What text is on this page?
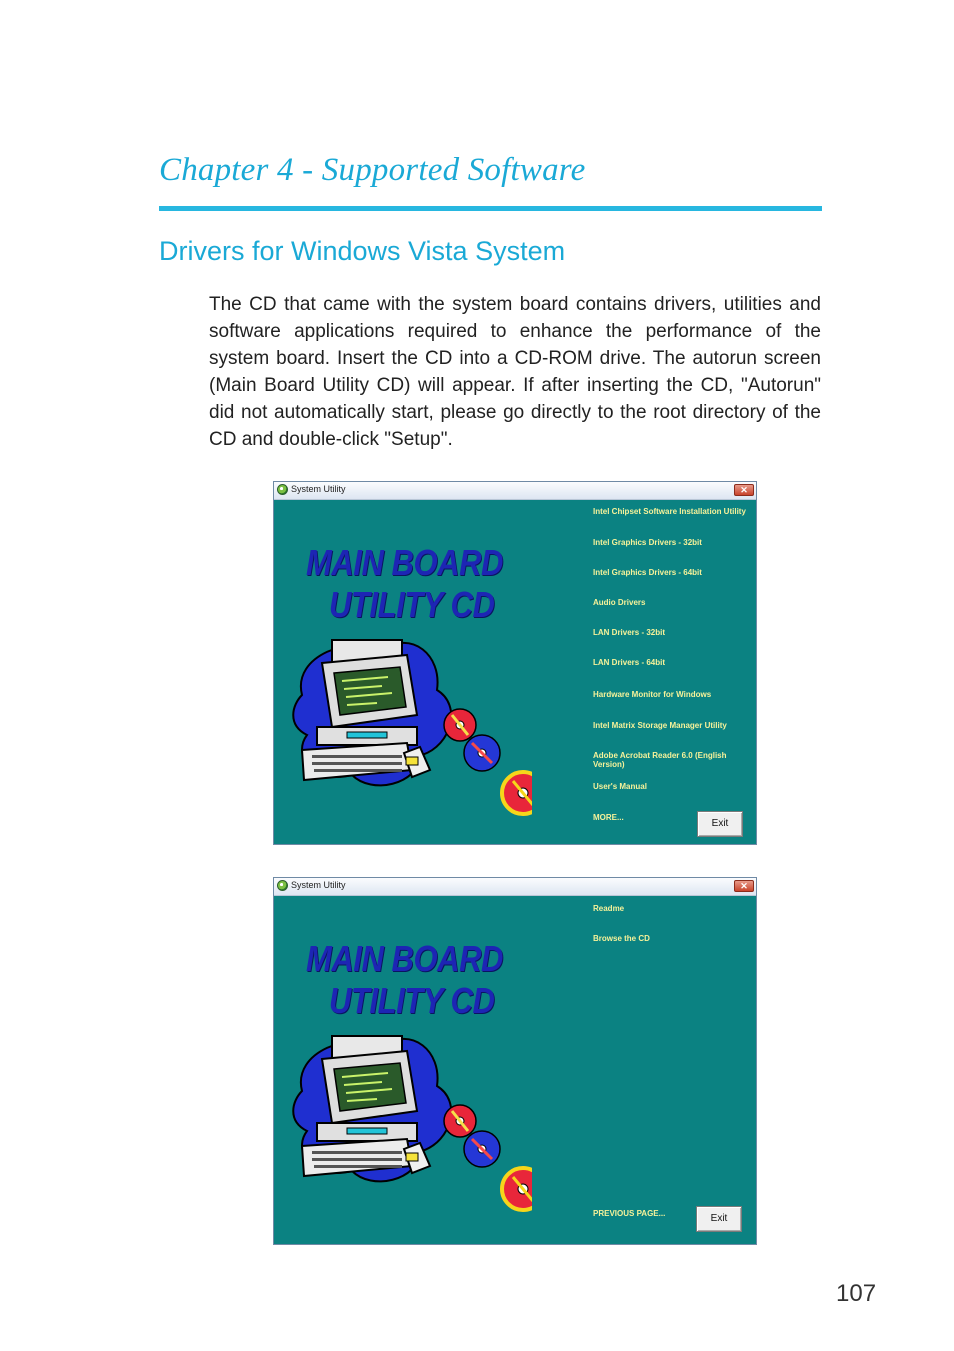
Chapter 4 - Supported Software
Drivers for Windows Vista System

The CD that came with the system board contains drivers, utilities and software applications required to enhance the performance of the system board. Insert the CD into a CD-ROM drive. The autorun screen (Main Board Utility CD) will appear. If after inserting the CD, "Autorun" did not automatically start, please go directly to the root directory of the CD and double-click "Setup".

System Utility	✕
MAIN BOARD
UTILITY CD
Intel Chipset Software Installation Utility
Intel Graphics Drivers - 32bit
Intel Graphics Drivers - 64bit
Audio Drivers
LAN Drivers - 32bit
LAN Drivers - 64bit
Hardware Monitor for Windows
Intel Matrix Storage Manager Utility
Adobe Acrobat Reader 6.0 (English Version)
User's Manual
MORE...
Exit
System Utility	✕
MAIN BOARD
UTILITY CD
Readme
Browse the CD
PREVIOUS PAGE...	Exit
107
